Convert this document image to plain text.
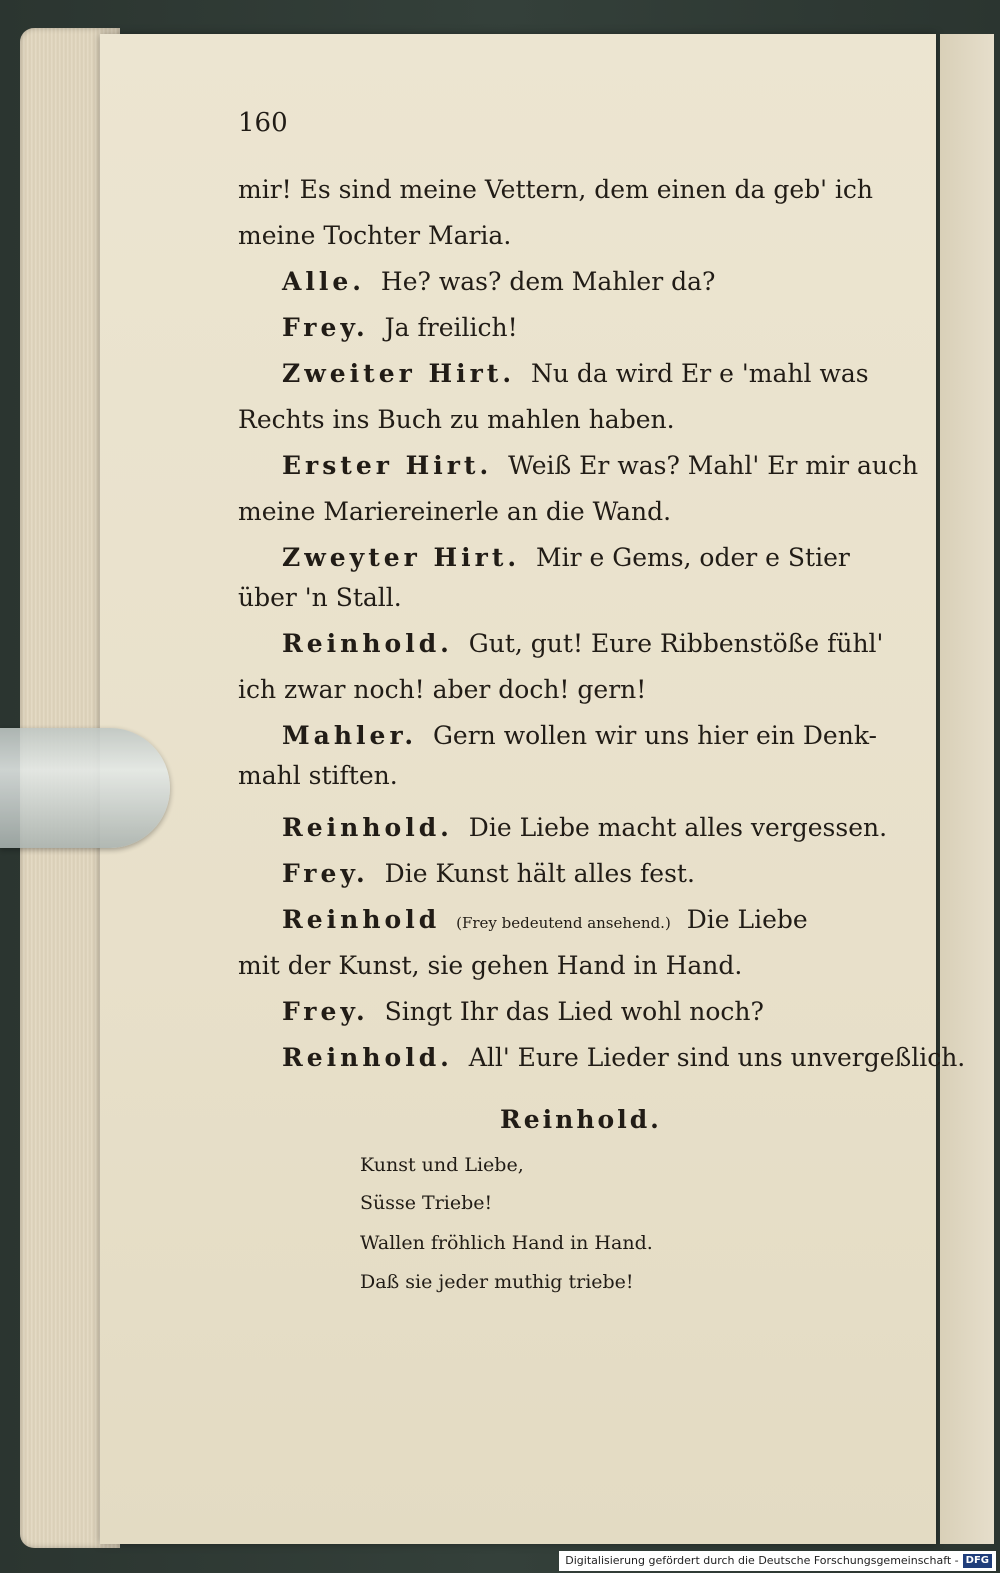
160
mir! Es sind meine Vettern, dem einen da geb' ich
meine Tochter Maria.
Alle. He? was? dem Mahler da?
Frey. Ja freilich!
Zweiter Hirt. Nu da wird Er e 'mahl was
Rechts ins Buch zu mahlen haben.
Erster Hirt. Weiß Er was? Mahl' Er mir auch
meine Mariereinerle an die Wand.
Zweyter Hirt. Mir e Gems, oder e Stier
über 'n Stall.
Reinhold. Gut, gut! Eure Ribbenstöße fühl'
ich zwar noch! aber doch! gern!
Mahler. Gern wollen wir uns hier ein Denk-
mahl stiften.
Reinhold. Die Liebe macht alles vergessen.
Frey. Die Kunst hält alles fest.
Reinhold (Frey bedeutend ansehend.) Die Liebe
mit der Kunst, sie gehen Hand in Hand.
Frey. Singt Ihr das Lied wohl noch?
Reinhold. All' Eure Lieder sind uns unvergeßlich.
Reinhold.
Kunst und Liebe,
Süsse Triebe!
Wallen fröhlich Hand in Hand.
Daß sie jeder muthig triebe!
Digitalisierung gefördert durch die Deutsche Forschungsgemeinschaft - DFG
